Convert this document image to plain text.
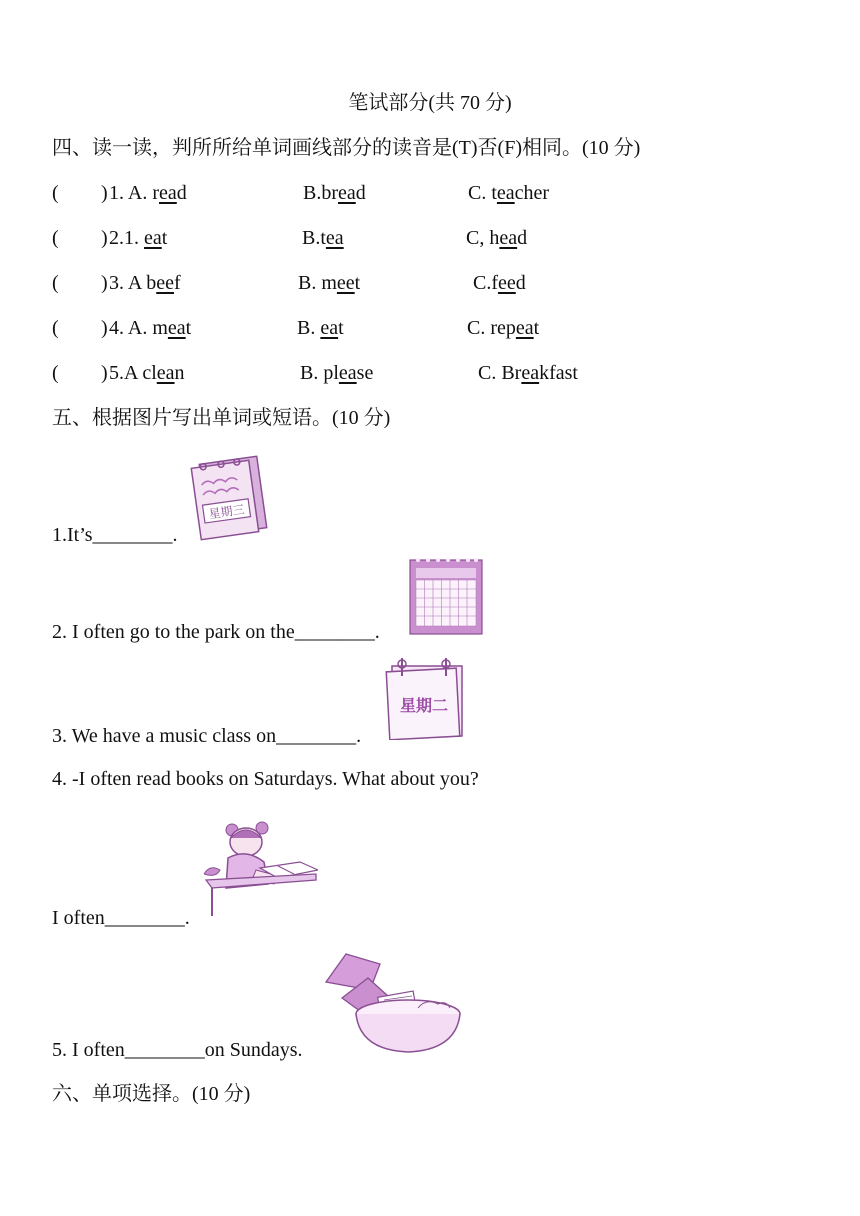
笔试部分(共 70 分)
四、读一读，判所所给单词画线部分的读音是(T)否(F)相同。(10 分)
( ) 1. A. read	B.bread	C. teacher
( ) 2.1. eat	B.tea	C, head
( ) 3. A beef	B. meet	C.feed
( ) 4. A. meat	B. eat	C. repeat
( ) 5.A clean	B. please	C. Breakfast
五、根据图片写出单词或短语。(10 分)
星期三
1.It’s________.
2. I often go to the park on the________.
星期二
3. We have a music class on________.
4. -I often read books on Saturdays. What about you?
I often________.
5. I often________on Sundays.
六、单项选择。(10 分)
